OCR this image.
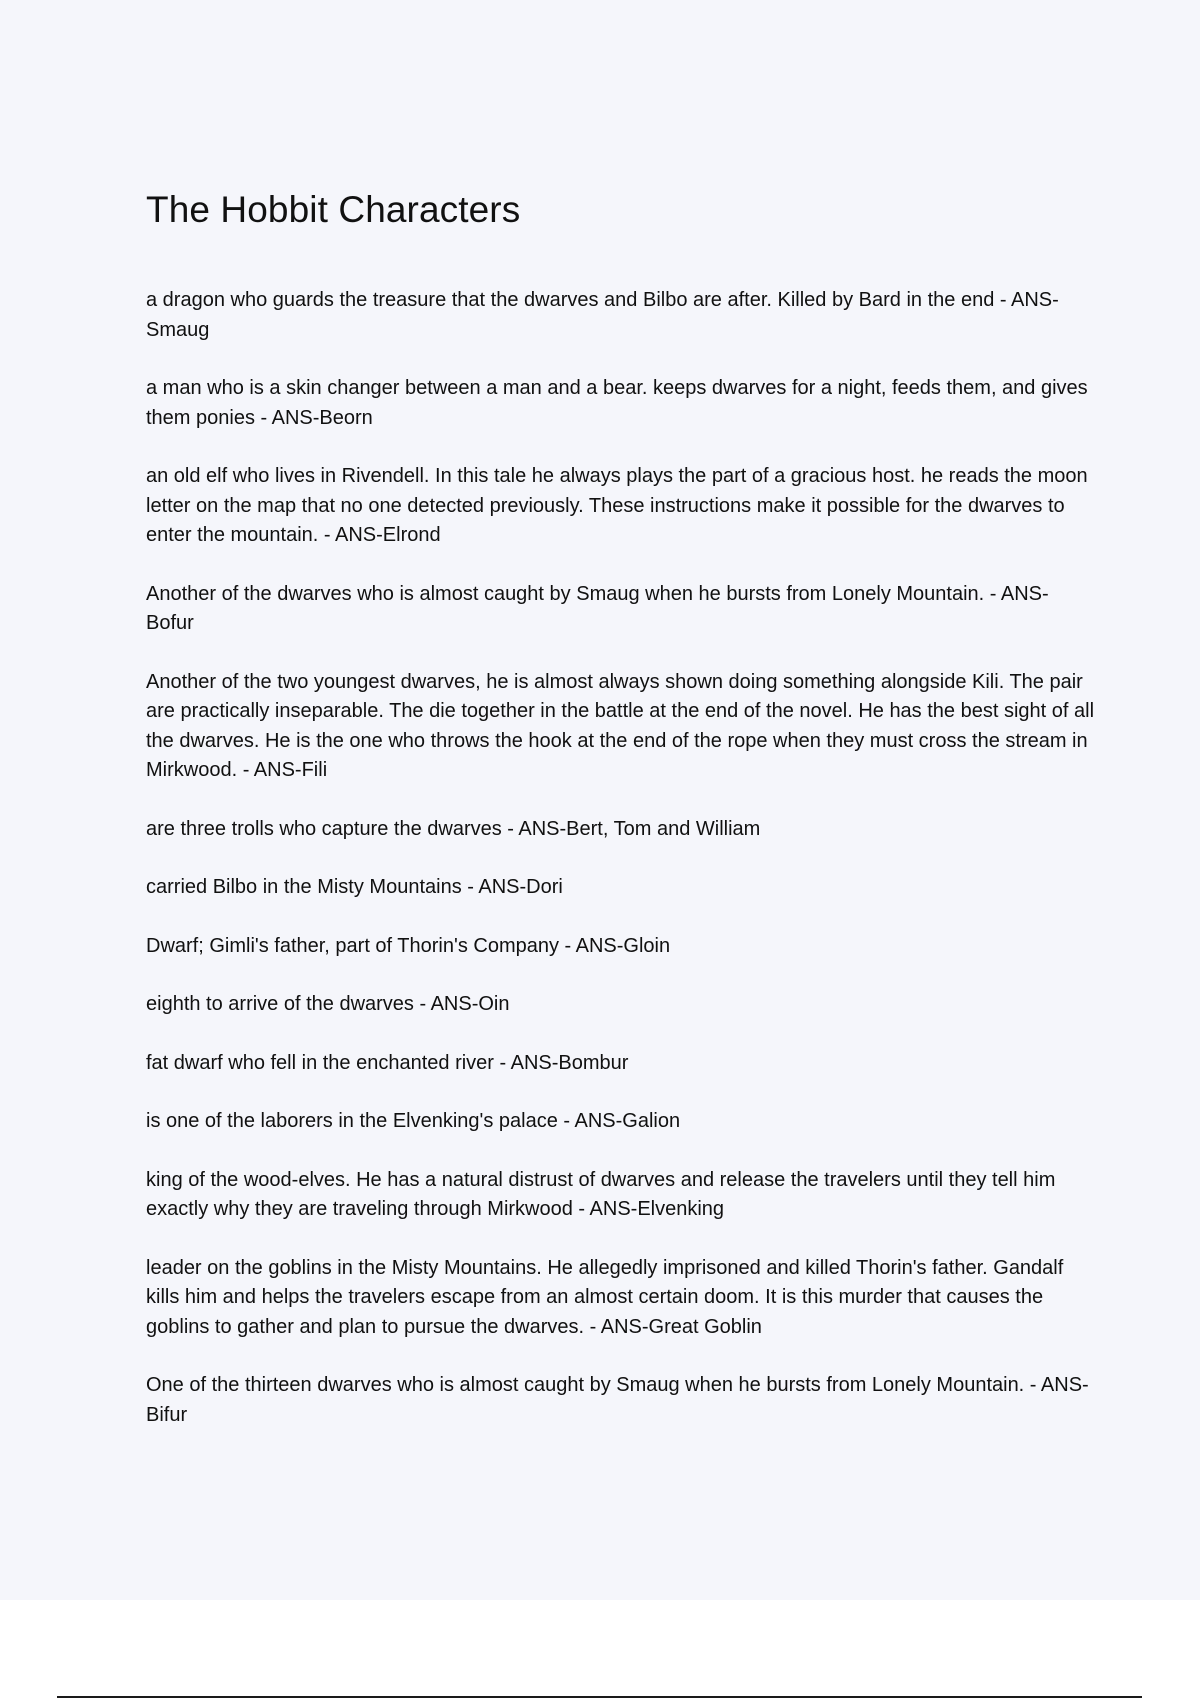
The Hobbit Characters

a dragon who guards the treasure that the dwarves and Bilbo are after. Killed by Bard in the end - ANS-Smaug

a man who is a skin changer between a man and a bear. keeps dwarves for a night, feeds them, and gives them ponies - ANS-Beorn

an old elf who lives in Rivendell. In this tale he always plays the part of a gracious host. he reads the moon letter on the map that no one detected previously. These instructions make it possible for the dwarves to enter the mountain. - ANS-Elrond

Another of the dwarves who is almost caught by Smaug when he bursts from Lonely Mountain. - ANS-Bofur

Another of the two youngest dwarves, he is almost always shown doing something alongside Kili. The pair are practically inseparable. The die together in the battle at the end of the novel. He has the best sight of all the dwarves. He is the one who throws the hook at the end of the rope when they must cross the stream in Mirkwood. - ANS-Fili

are three trolls who capture the dwarves - ANS-Bert, Tom and William

carried Bilbo in the Misty Mountains - ANS-Dori

Dwarf; Gimli's father, part of Thorin's Company - ANS-Gloin

eighth to arrive of the dwarves - ANS-Oin

fat dwarf who fell in the enchanted river - ANS-Bombur

is one of the laborers in the Elvenking's palace - ANS-Galion

king of the wood-elves. He has a natural distrust of dwarves and release the travelers until they tell him exactly why they are traveling through Mirkwood - ANS-Elvenking

leader on the goblins in the Misty Mountains. He allegedly imprisoned and killed Thorin's father. Gandalf kills him and helps the travelers escape from an almost certain doom. It is this murder that causes the goblins to gather and plan to pursue the dwarves. - ANS-Great Goblin

One of the thirteen dwarves who is almost caught by Smaug when he bursts from Lonely Mountain. - ANS-Bifur
